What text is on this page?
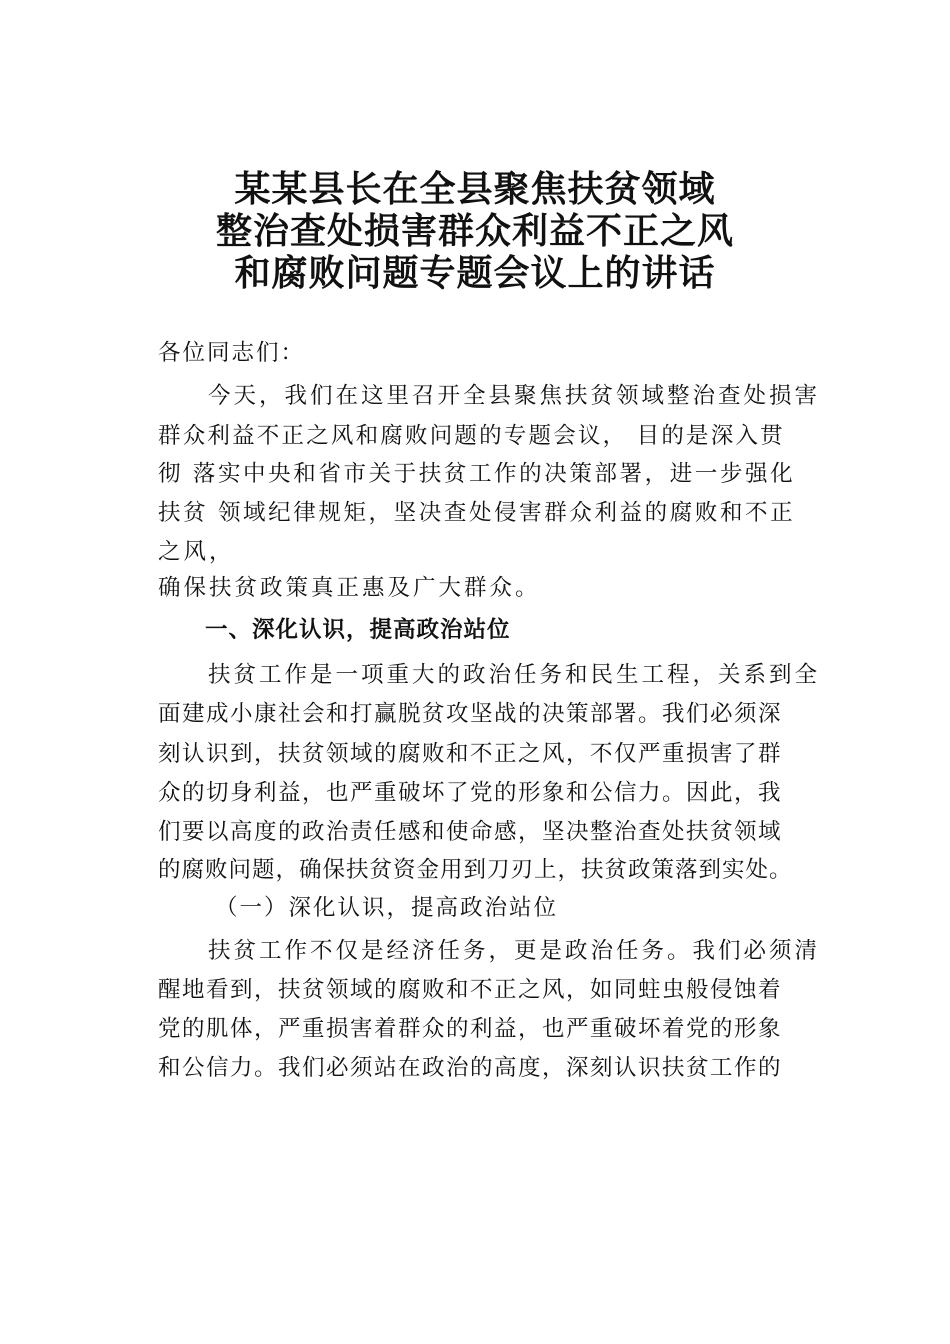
某某县长在全县聚焦扶贫领域
整治查处损害群众利益不正之风
和腐败问题专题会议上的讲话
各位同志们：
今天，我们在这里召开全县聚焦扶贫领域整治查处损害
群众利益不正之风和腐败问题的专题会议， 目的是深入贯
彻 落实中央和省市关于扶贫工作的决策部署，进一步强化
扶贫 领域纪律规矩，坚决查处侵害群众利益的腐败和不正
之风，
确保扶贫政策真正惠及广大群众。
一、深化认识，提高政治站位
扶贫工作是一项重大的政治任务和民生工程，关系到全
面建成小康社会和打赢脱贫攻坚战的决策部署。我们必须深
刻认识到，扶贫领域的腐败和不正之风，不仅严重损害了群
众的切身利益，也严重破坏了党的形象和公信力。因此，我
们要以高度的政治责任感和使命感，坚决整治查处扶贫领域
的腐败问题，确保扶贫资金用到刀刃上，扶贫政策落到实处。
（一）深化认识，提高政治站位
扶贫工作不仅是经济任务，更是政治任务。我们必须清
醒地看到，扶贫领域的腐败和不正之风，如同蛀虫般侵蚀着
党的肌体，严重损害着群众的利益，也严重破坏着党的形象
和公信力。我们必须站在政治的高度，深刻认识扶贫工作的
